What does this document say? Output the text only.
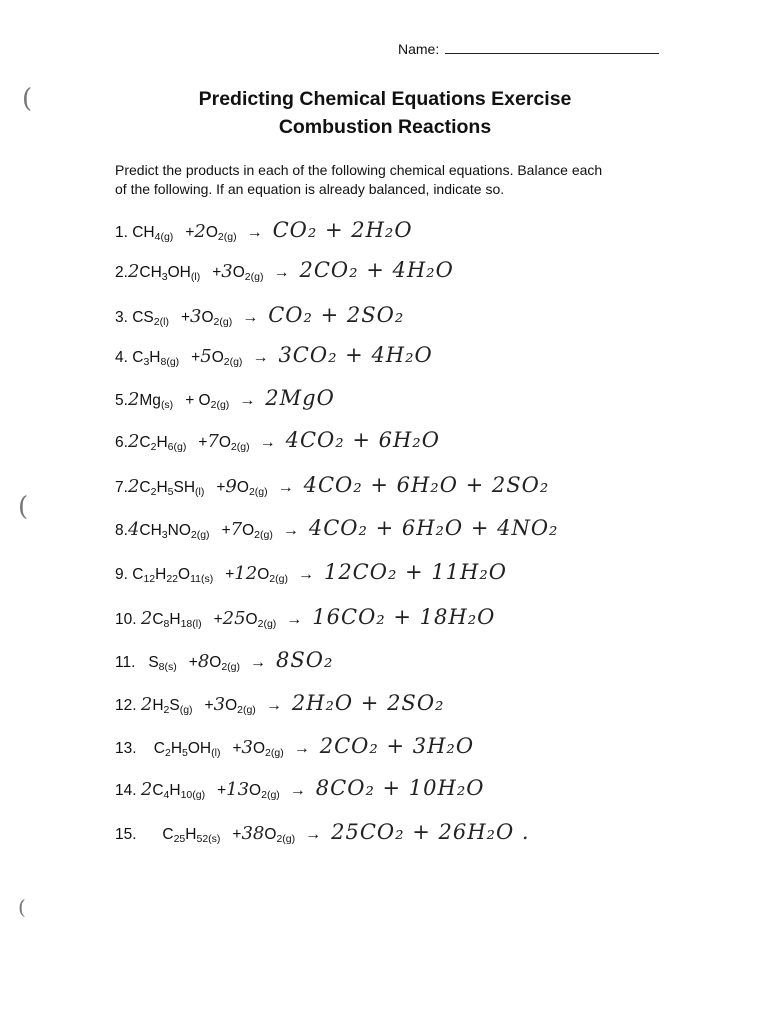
(
(
(
Name:
Predicting Chemical Equations Exercise
Combustion Reactions
Predict the products in each of the following chemical equations. Balance each
of the following. If an equation is already balanced, indicate so.
1. $CH_{4(g)} + 2$ $O_{2(g)} \to CO_2 + 2H_2O$
2. 2 $CH_3OH_{(l)} + 3$ $O_{2(g)} \to 2CO_2 + 4H_2O$
3. $CS_{2(l)} + 3$ $O_{2(g)} \to CO_2 + 2SO_2$
4. $C_3H_{8(g)} + 5$ $O_{2(g)} \to 3CO_2 + 4H_2O$
5. 2 $Mg_{(s)} + O_{2(g)} \to 2MgO$
6. 2 $C_2H_{6(g)} + 7$ $O_{2(g)} \to 4CO_2 + 6H_2O$
7. 2 $C_2H_5SH_{(l)} + 9$ $O_{2(g)} \to 4CO_2 + 6H_2O + 2SO_2$
8. 4 $CH_3NO_{2(g)} + 7$ $O_{2(g)} \to 4CO_2 + 6H_2O + 4NO_2$
9. $C_{12}H_{22}O_{11(s)} + 12$ $O_{2(g)} \to 12CO_2 + 11H_2O$
10. 2 $C_8H_{18(l)} + 25$ $O_{2(g)} \to 16CO_2 + 18H_2O$
11. $S_{8(s)} + 8$ $O_{2(g)} \to 8SO_2$
12. 2 $H_2S_{(g)} + 3$ $O_{2(g)} \to 2H_2O + 2SO_2$
13. $C_2H_5OH_{(l)} + 3$ $O_{2(g)} \to 2CO_2 + 3H_2O$
14. 2 $C_4H_{10(g)} + 13$ $O_{2(g)} \to 8CO_2 + 10H_2O$
15. $C_{25}H_{52(s)} + 38$ $O_{2(g)} \to 25CO_2 + 26H_2O$ .
